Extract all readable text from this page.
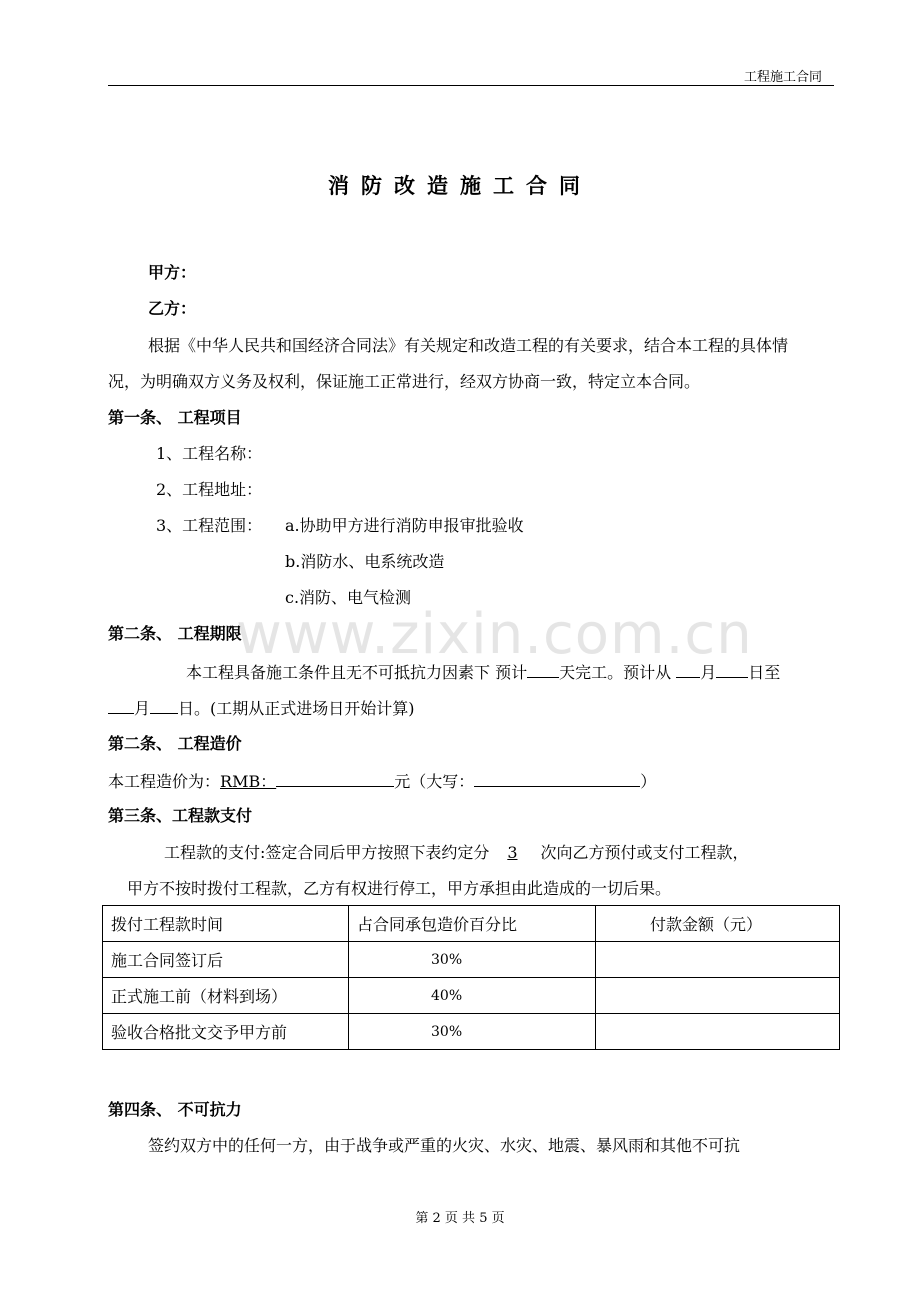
工程施工合同
消防改造施工合同
甲方：
乙方：
根据《中华人民共和国经济合同法》有关规定和改造工程的有关要求，结合本工程的具体情
况，为明确双方义务及权利，保证施工正常进行，经双方协商一致，特定立本合同。
第一条、 工程项目
1、工程名称：
2、工程地址：
3、工程范围： a.协助甲方进行消防申报审批验收
b.消防水、电系统改造
c.消防、电气检测
www.zixin.com.cn
第二条、 工程期限
本工程具备施工条件且无不可抵抗力因素下 预计 天完工。预计从 月 日至
月 日。(工期从正式进场日开始计算)
第二条、 工程造价
本工程造价为：RMB：	元（大写：	）
第三条、工程款支付
工程款的支付:签定合同后甲方按照下表约定分 3 次向乙方预付或支付工程款，
甲方不按时拨付工程款，乙方有权进行停工，甲方承担由此造成的一切后果。
拨付工程款时间	占合同承包造价百分比	付款金额（元）
施工合同签订后	30%	
正式施工前（材料到场）	40%	
验收合格批文交予甲方前	30%	
第四条、 不可抗力
签约双方中的任何一方，由于战争或严重的火灾、水灾、地震、暴风雨和其他不可抗
第 2 页 共 5 页
